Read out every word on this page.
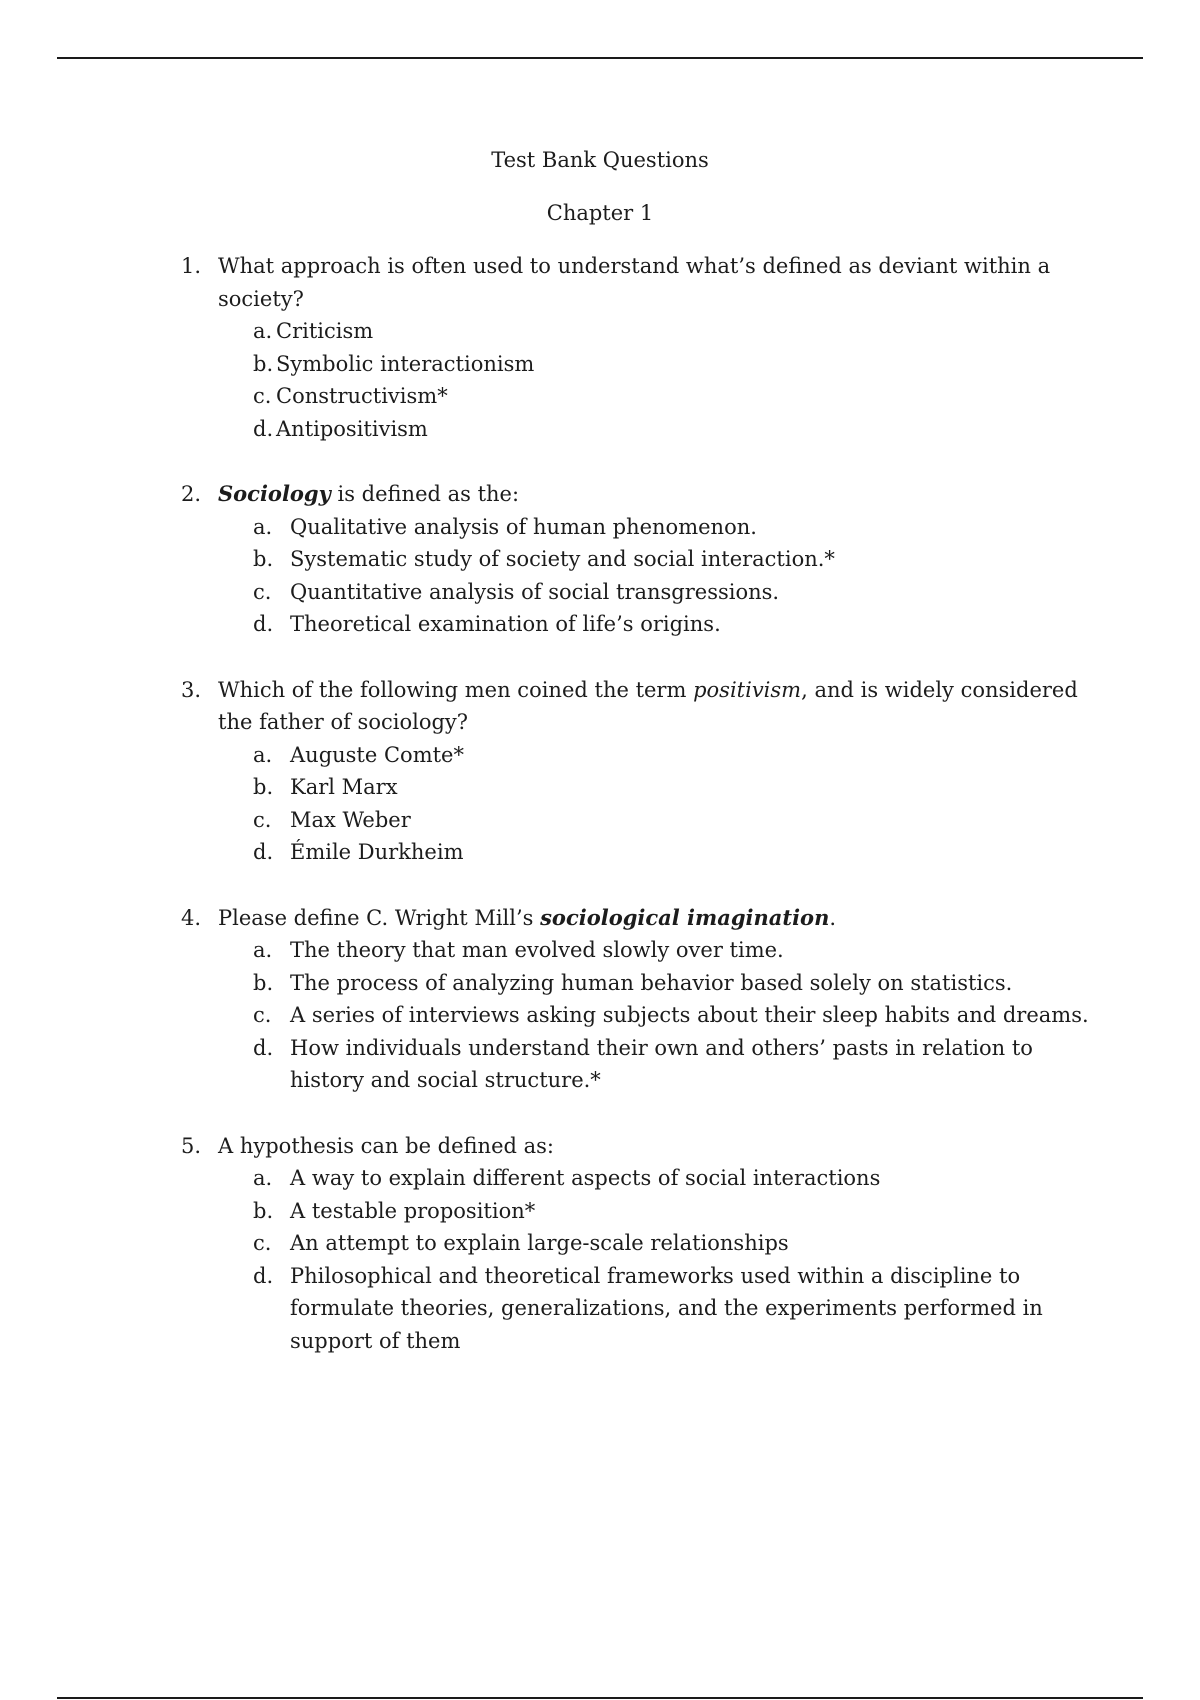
Test Bank Questions
Chapter 1
1. What approach is often used to understand what’s defined as deviant within a society?
a. Criticism
b. Symbolic interactionism
c. Constructivism*
d. Antipositivism
2. Sociology is defined as the:
a. Qualitative analysis of human phenomenon.
b. Systematic study of society and social interaction.*
c. Quantitative analysis of social transgressions.
d. Theoretical examination of life’s origins.
3. Which of the following men coined the term positivism, and is widely considered the father of sociology?
a. Auguste Comte*
b. Karl Marx
c. Max Weber
d. Émile Durkheim
4. Please define C. Wright Mill’s sociological imagination.
a. The theory that man evolved slowly over time.
b. The process of analyzing human behavior based solely on statistics.
c. A series of interviews asking subjects about their sleep habits and dreams.
d. How individuals understand their own and others’ pasts in relation to history and social structure.*
5. A hypothesis can be defined as:
a. A way to explain different aspects of social interactions
b. A testable proposition*
c. An attempt to explain large-scale relationships
d. Philosophical and theoretical frameworks used within a discipline to formulate theories, generalizations, and the experiments performed in support of them
